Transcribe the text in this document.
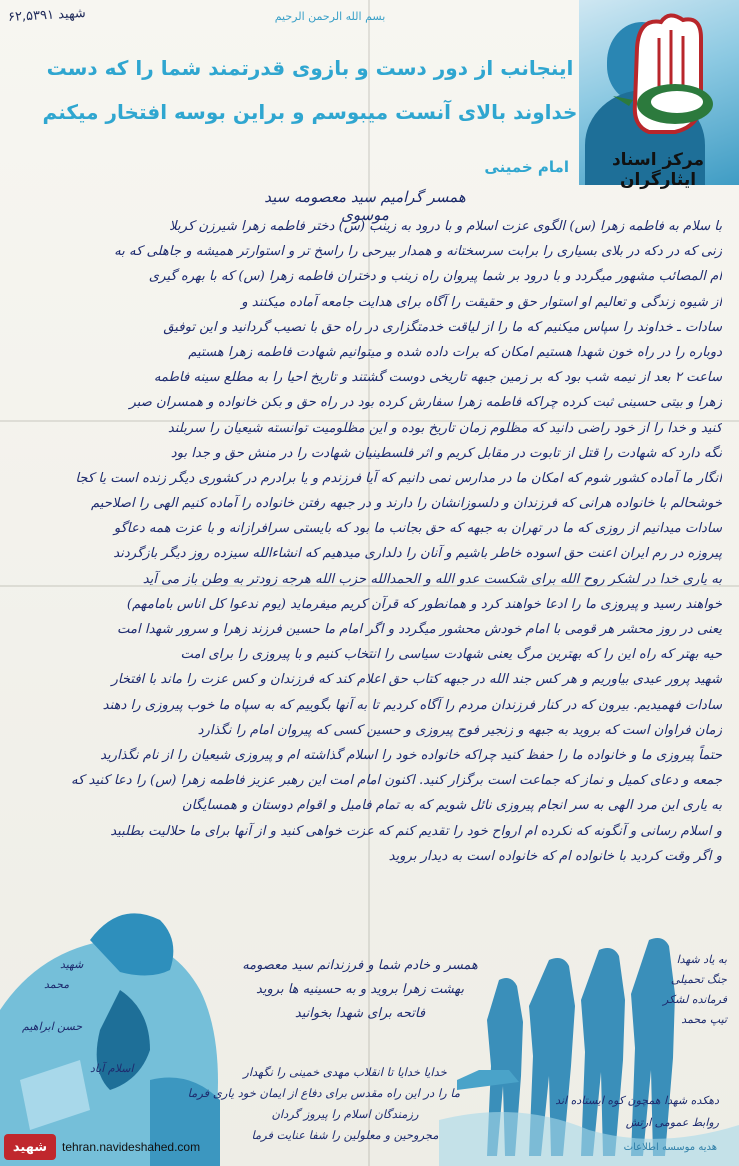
۶۲,۵۳۹۱ شهید	بسم الله الرحمن الرحیم
مرکز اسناد ایثارگران
اینجانب از دور دست و بازوی قدرتمند شما را که دست
خداوند بالای آنست میبوسم و براین بوسه افتخار میکنم
امام خمینی
همسر گرامیم سید معصومه سید موسوی
با سلام به فاطمه زهرا (س) الگوی عزت اسلام و با درود به زینب (س) دختر فاطمه زهرا شیرزن کربلا
زنی که در دکه در بلای بسیاری را برابت سرسختانه و همدار بیرحی را راسخ تر و استوارتر همیشه و جاهلی که به
ام المصائب مشهور میگردد و با درود بر شما پیروان راه زینب و دختران فاطمه زهرا (س) که با بهره گیری
از شیوه زندگی و تعالیم او استوار حق و حقیقت را آگاه برای هدایت جامعه آماده میکنند و
سادات ـ خداوند را سپاس میکنیم که ما را از لیاقت خدمتگزاری در راه حق با نصیب گردانید و این توفیق
دوباره را در راه خون شهدا هستیم امکان که برات داده شده و میتوانیم شهادت فاطمه زهرا هستیم
ساعت ۲ بعد از نیمه شب بود که بر زمین جبهه تاریخی دوست گشتند و تاریخ احیا را به مطلع سینه فاطمه
زهرا و بیتی حسینی ثبت کرده چراکه فاطمه زهرا سفارش کرده بود در راه حق و بکن خانواده و همسران صبر
کنید و خدا را از خود راضی دانید که مظلوم زمان تاریخ بوده و این مظلومیت توانسته شیعیان را سربلند
نگه دارد که شهادت را قتل از تابوت در مقابل کریم و اثر فلسطینیان شهادت را در منش حق و جدا بود
انگار ما آماده کشور شوم که امکان ما در مدارس نمی دانیم که آیا فرزندم و یا برادرم در کشوری دیگر زنده است یا کجا
خوشحالم با خانواده هرانی که فرزندان و دلسوزانشان را دارند و در جبهه رفتن خانواده را آماده کنیم الهی را اصلاحیم
سادات میدانیم از روزی که ما در تهران به جبهه که حق بجانب ما بود که بایستی سرافرازانه و با عزت همه دعاگو
پیروزه در رم ایران اعنت حق اسوده خاطر باشیم و آنان را دلداری میدهیم که انشاءالله سیزده روز دیگر بازگردند
به یاری خدا در لشکر روح الله برای شکست عدو الله و الحمدالله حزب الله هرجه زودتر به وطن باز می آید
خواهند رسید و پیروزی ما را ادعا خواهند کرد و همانطور که قرآن کریم میفرماید (یوم ندعوا کل اناس بامامهم)
یعنی در روز محشر هر قومی با امام خودش محشور میگردد و اگر امام ما حسین فرزند زهرا و سرور شهدا امت
حیه بهتر که راه این را که بهترین مرگ یعنی شهادت سیاسی را انتخاب کنیم و با پیروزی را برای امت
شهید پرور عیدی بیاوریم و هر کس جند الله در جبهه کتاب حق اعلام کند که فرزندان و کس عزت را ماند با افتخار
سادات فهمیدیم. بیرون که در کنار فرزندان مردم را آگاه کردیم تا به آنها بگوییم که به سپاه ما خوب پیروزی را دهند
زمان فراوان است که بروید به جبهه و زنجیر فوج پیروزی و حسین کسی که پیروان امام را نگذارد
حتماً پیروزی ما و خانواده ما را حفظ کنید چراکه خانواده خود را اسلام گذاشته ام و پیروزی شیعیان را از نام نگذارید
جمعه و دعای کمیل و نماز که جماعت است برگزار کنید. اکنون امام امت این رهبر عزیز فاطمه زهرا (س) را دعا کنید که
به یاری این مرد الهی به سر انجام پیروزی نائل شویم که به تمام فامیل و اقوام دوستان و همسایگان
و اسلام رسانی و آنگونه که نکرده ام ارواح خود را تقدیم کنم که عزت خواهی کنید و از آنها برای ما حلالیت بطلبید
و اگر وقت کردید با خانواده ام که خانواده است به دیدار بروید
شهید
محمد
حسن ابراهیم
اسلام آباد
به یاد شهدا
جنگ تحمیلی
فرمانده لشکر
تیپ محمد
همسر و خادم شما و فرزندانم سید معصومه
بهشت زهرا بروید و به حسینیه ها بروید
فاتحه برای شهدا بخوانید
خدایا خدایا تا انقلاب مهدی خمینی را نگهدار
ما را در این راه مقدس برای دفاع از ایمان خود یاری فرما
رزمندگان اسلام را پیروز گردان
مجروحین و معلولین را شفا عنایت فرما
دهکده شهدا همچون کوه ایستاده اند
روابط عمومی ارتش
هدیه موسسه اطلاعات
شهید	tehran.navideshahed.com
